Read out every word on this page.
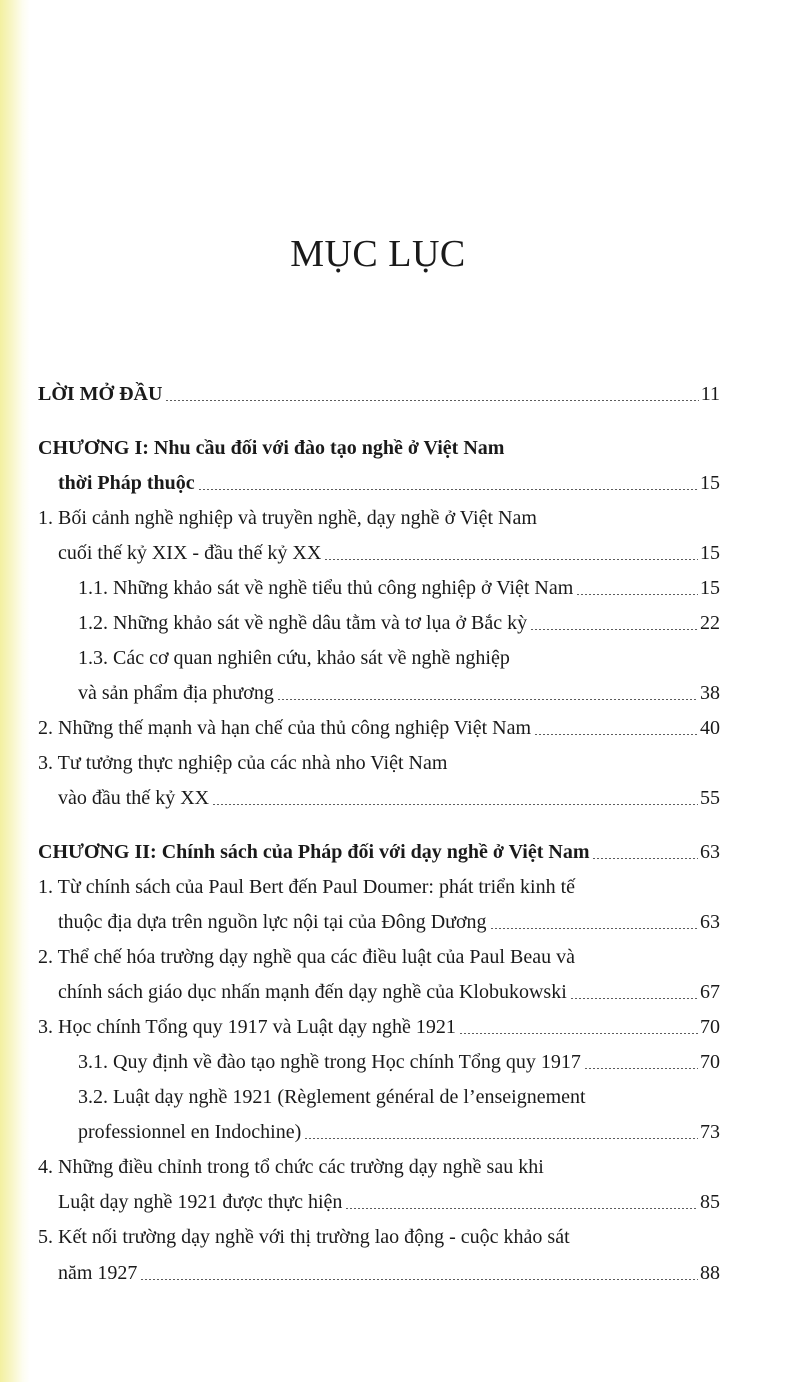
MỤC LỤC
LỜI MỞ ĐẦU	11
CHƯƠNG I: Nhu cầu đối với đào tạo nghề ở Việt Nam
thời Pháp thuộc	15
1. Bối cảnh nghề nghiệp và truyền nghề, dạy nghề ở Việt Nam
cuối thế kỷ XIX - đầu thế kỷ XX	15
1.1. Những khảo sát về nghề tiểu thủ công nghiệp ở Việt Nam	15
1.2. Những khảo sát về nghề dâu tằm và tơ lụa ở Bắc kỳ	22
1.3. Các cơ quan nghiên cứu, khảo sát về nghề nghiệp
và sản phẩm địa phương	38
2. Những thế mạnh và hạn chế của thủ công nghiệp Việt Nam	40
3. Tư tưởng thực nghiệp của các nhà nho Việt Nam
vào đầu thế kỷ XX	55
CHƯƠNG II: Chính sách của Pháp đối với dạy nghề ở Việt Nam	63
1. Từ chính sách của Paul Bert đến Paul Doumer: phát triển kinh tế
thuộc địa dựa trên nguồn lực nội tại của Đông Dương	63
2. Thể chế hóa trường dạy nghề qua các điều luật của Paul Beau và
chính sách giáo dục nhấn mạnh đến dạy nghề của Klobukowski	67
3. Học chính Tổng quy 1917 và Luật dạy nghề 1921	70
3.1. Quy định về đào tạo nghề trong Học chính Tổng quy 1917	70
3.2. Luật dạy nghề 1921 (Règlement général de l’enseignement
professionnel en Indochine)	73
4. Những điều chỉnh trong tổ chức các trường dạy nghề sau khi
Luật dạy nghề 1921 được thực hiện	85
5. Kết nối trường dạy nghề với thị trường lao động - cuộc khảo sát
năm 1927	88
